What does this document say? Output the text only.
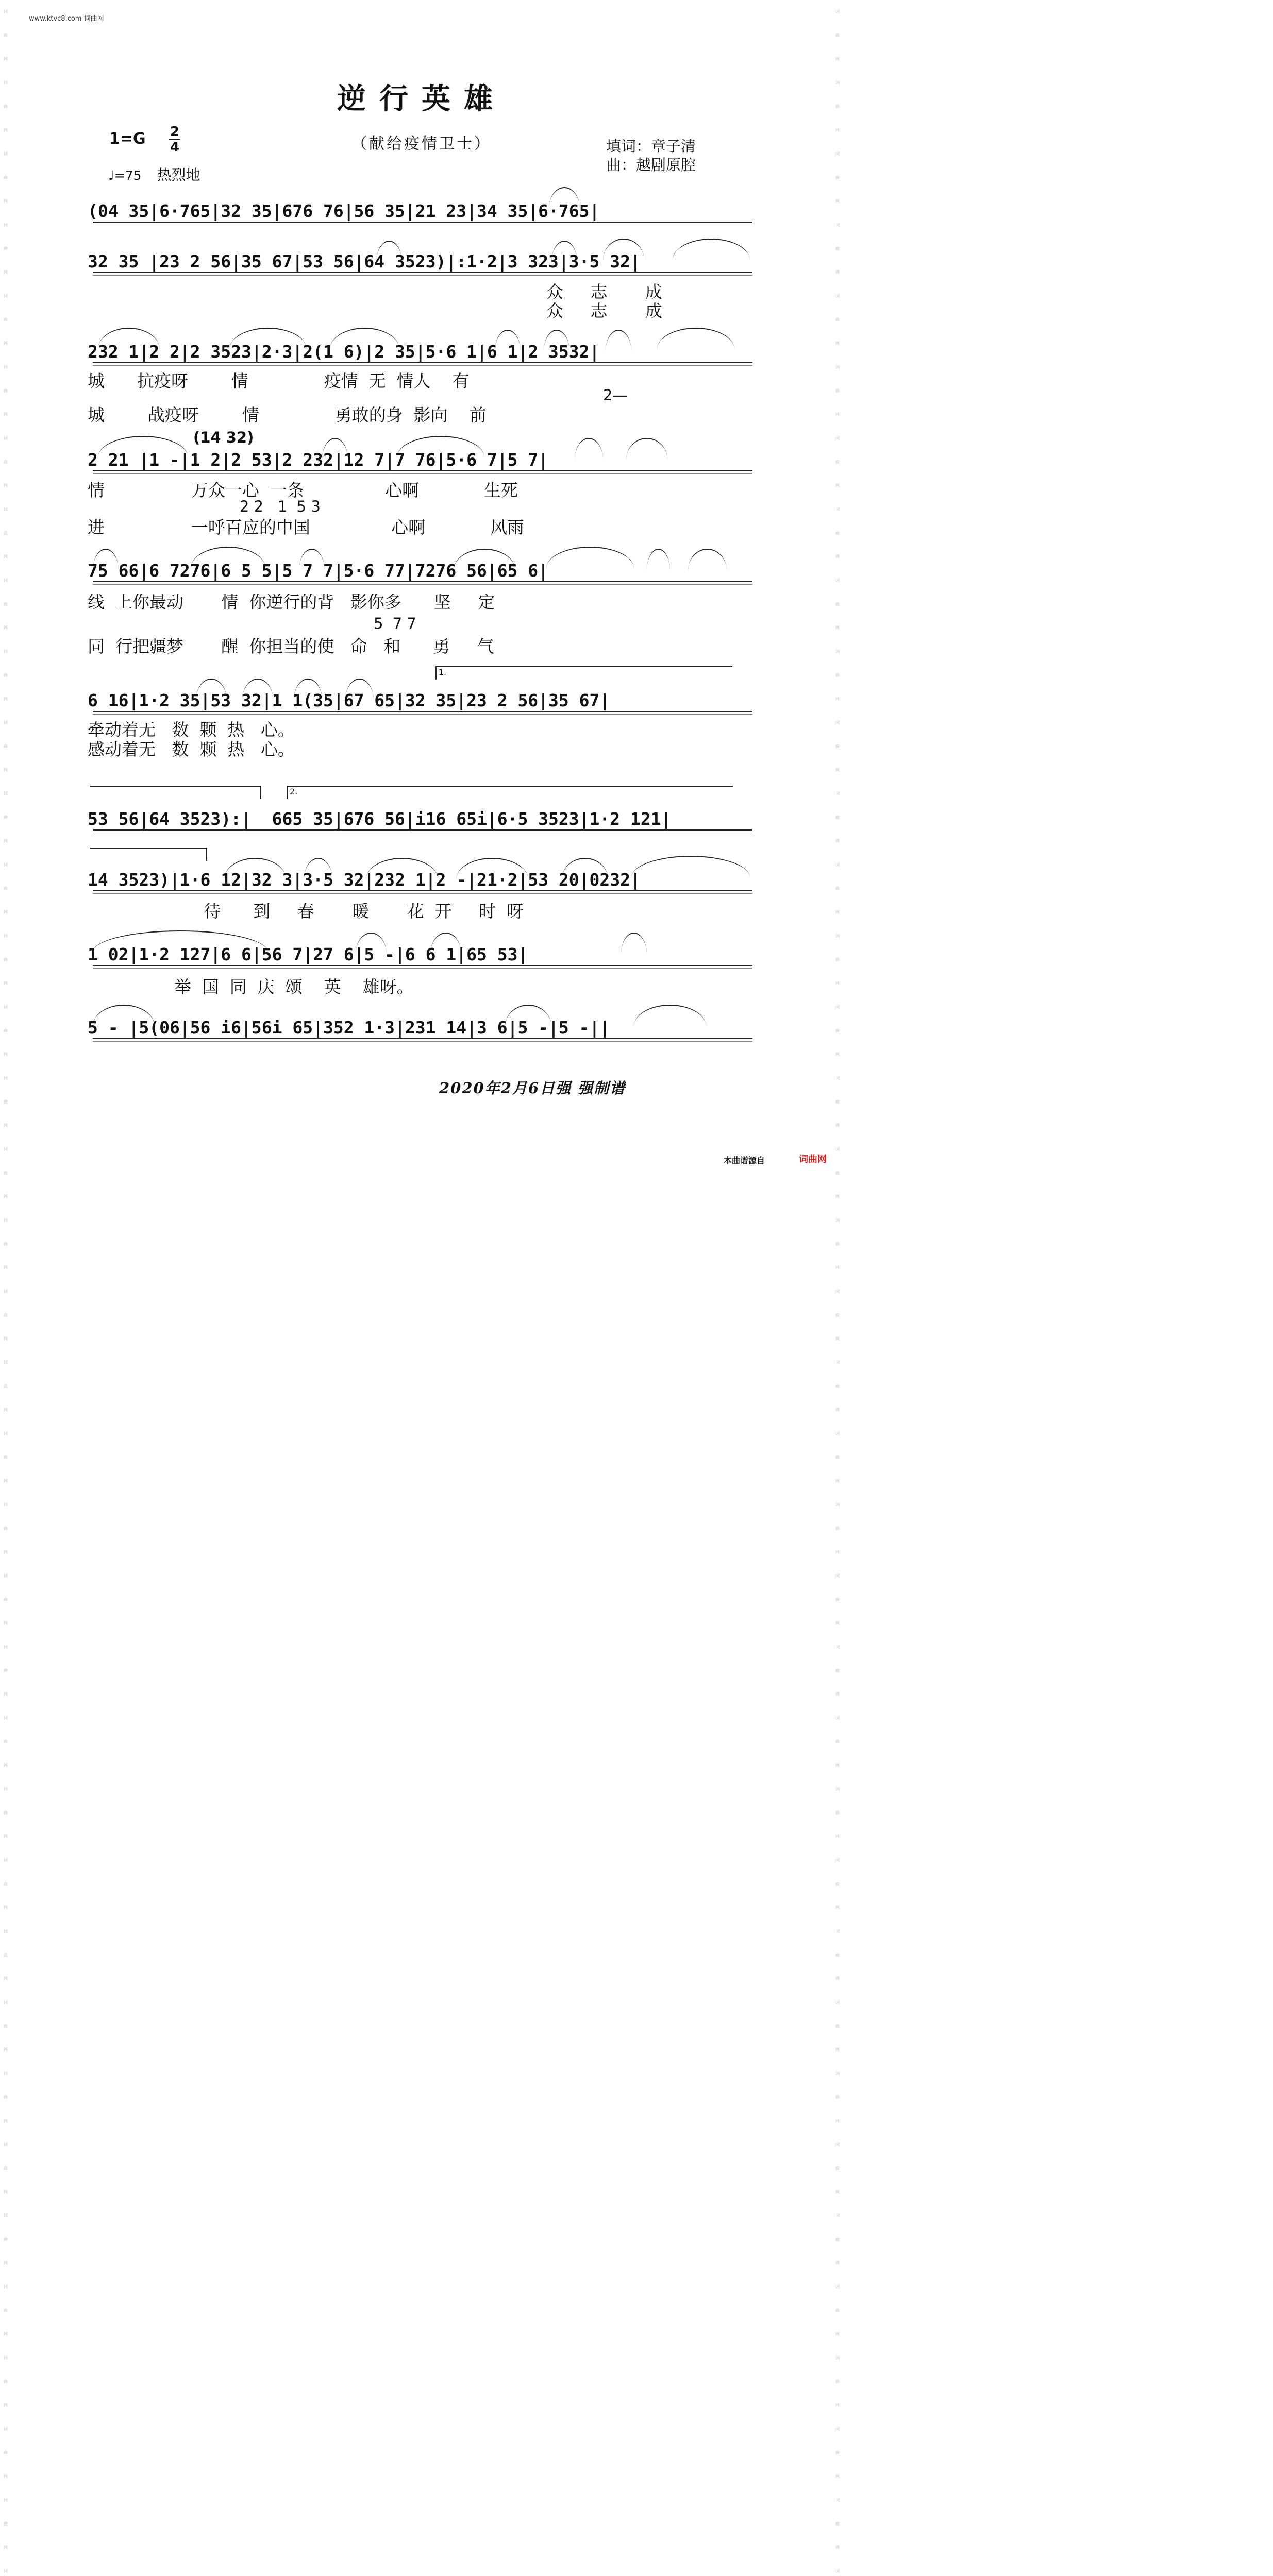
词曲网 词曲网 词曲网 词曲网 词曲网 词曲网 词曲网 词曲网 词曲网 词曲网 词曲网 词曲网 词曲网 词曲网 词曲网 词曲网 词曲网 词曲网 词曲网 词曲网 词曲网 词曲网 词曲网 词曲网 词曲网 词曲网 词曲网 词曲网 词曲网 词曲网 词曲网 词曲网 词曲网 词曲网 词曲网 词曲网 词
词曲网 词曲网 词曲网 词曲网 词曲网 词曲网 词曲网 词曲网 词曲网 词曲网 词曲网 词曲网 词曲网 词曲网 词曲网 词曲网 词曲网 词曲网 词曲网 词曲网 词曲网 词曲网 词曲网 词曲网 词曲网 词曲网 词曲网 词曲网 词曲网 词曲网 词曲网 词曲网 词曲网 词曲网 词曲网 词曲网 词
www.ktvc8.com 词曲网
逆行英雄
1=G 2
4	（献给疫情卫士）	填词：章子清
曲：越剧原腔
♩=75 热烈地
(04 35|6·765|32 35|676 76|56 35|21 23|34 35|6·765|
32 35 |23 2 56|35 67|53 56|64 3523)|:1·2|3 323|3·5 32|
众     志       成
众     志       成
232 1|2 2|2 3523|2·3|2(1 6)|2 35|5·6 1|6 1|2 3532|
城      抗疫呀        情              疫情  无  情人    有
2—
城        战疫呀        情              勇敢的身  影向    前
2 21 |1 -|1 2|2 53|2 232|12 7|7 76|5·6 7|5 7|
(14 32)
情                万众一心  一条               心啊            生死
2 2   1  5 3
进                一呼百应的中国               心啊            风雨
75 66|6 7276|6 5 5|5 7 7|5·6 77|7276 56|65 6|
线  上你最动       情  你逆行的背   影你多      坚     定
5  7 7
同  行把疆梦       醒  你担当的使   命   和      勇     气
1.
6 16|1·2 35|53 32|1 1(35|67 65|32 35|23 2 56|35 67|
牵动着无   数  颗  热   心。
感动着无   数  颗  热   心。
2.
53 56|64 3523):|  665 35|676 56|i16 65i|6·5 3523|1·2 121|
14 3523)|1·6 12|32 3|3·5 32|232 1|2 -|21·2|53 20|0232|
待      到     春       暖       花  开     时  呀
1 02|1·2 127|6 6|56 7|27 6|5 -|6 6 1|65 53|
举  国  同  庆  颂    英    雄呀。
5 - |5(06|56 i6|56i 65|352 1·3|231 14|3 6|5 -|5 -||
2020年2月6日强 强制谱
本曲谱源自	词曲网
